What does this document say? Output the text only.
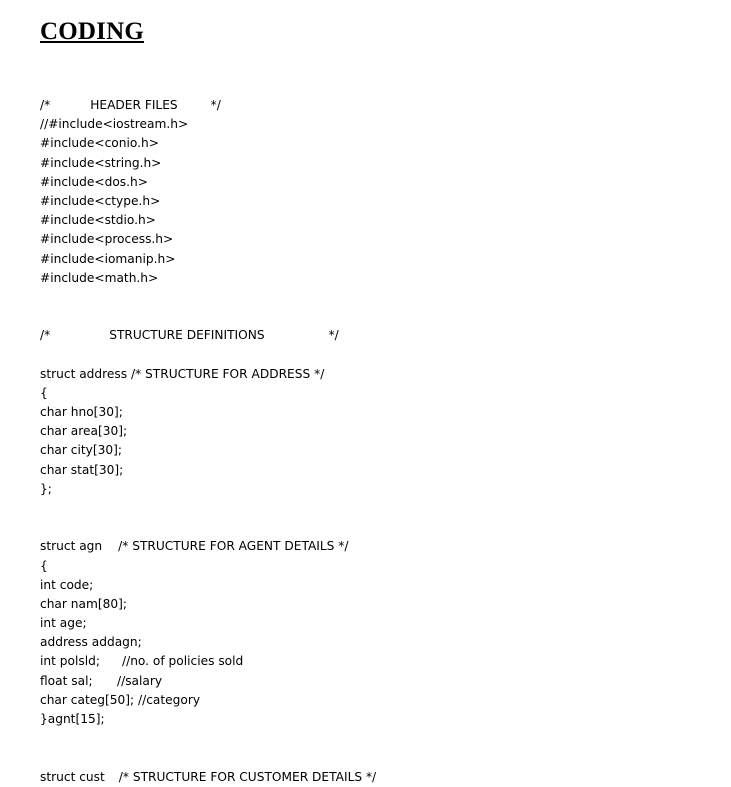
CODING
/*	HEADER FILES	*/
//#include<iostream.h>
#include<conio.h>
#include<string.h>
#include<dos.h>
#include<ctype.h>
#include<stdio.h>
#include<process.h>
#include<iomanip.h>
#include<math.h>
/*	STRUCTURE DEFINITIONS	*/
struct address /* STRUCTURE FOR ADDRESS */
{
char hno[30];
char area[30];
char city[30];
char stat[30];
};
struct agn /* STRUCTURE FOR AGENT DETAILS */
{
int code;
char nam[80];
int age;
address addagn;
int polsld; //no. of policies sold
float sal; //salary
char categ[50]; //category
}agnt[15];
struct cust /* STRUCTURE FOR CUSTOMER DETAILS */
